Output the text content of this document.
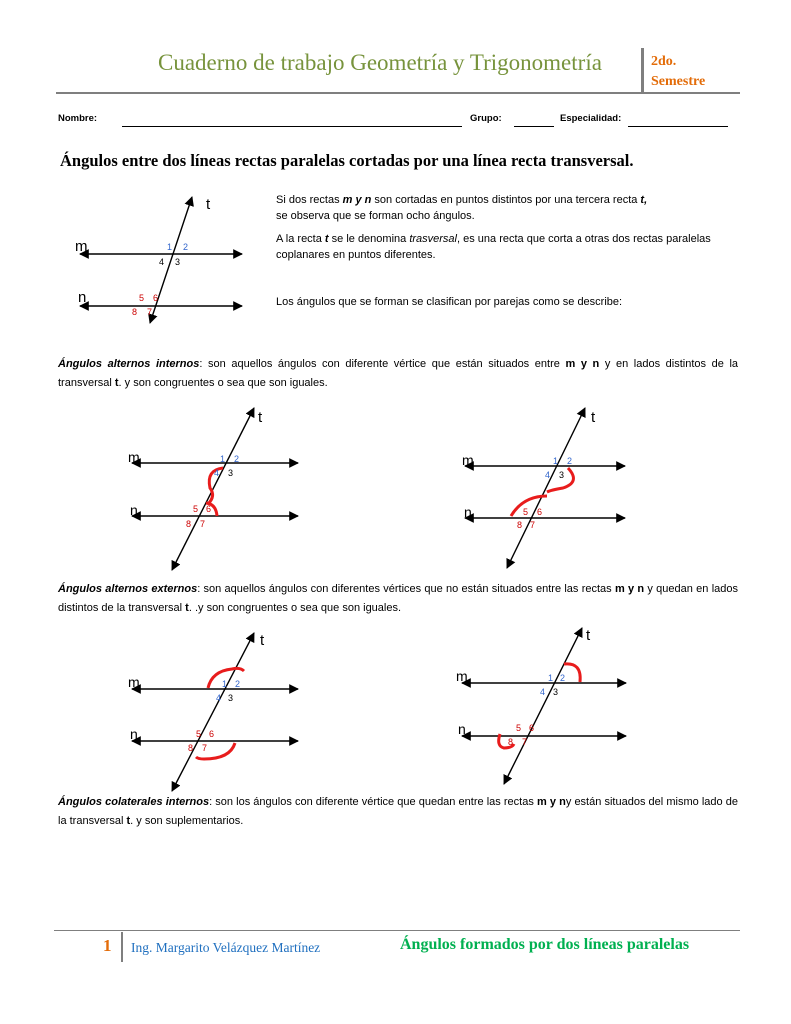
Cuaderno de trabajo Geometría y Trigonometría	2do.
Semestre
Nombre:	Grupo:	Especialidad:
Ángulos entre dos líneas rectas paralelas cortadas por una línea recta transversal.
t
m
n
1 2
3
4
5 6
7
8
Si dos rectas m y n son cortadas en puntos distintos por una tercera recta t,
se observa que se forman ocho ángulos.
A la recta t se le denomina trasversal, es una recta que corta a otras dos rectas paralelas coplanares en puntos diferentes.
Los ángulos que se forman se clasifican por parejas como se describe:
Ángulos alternos internos: son aquellos ángulos con diferente vértice que están situados entre m y n y en lados distintos de la transversal t. y son congruentes o sea que son iguales.
t
m
n
1 2
3
4
5 6
7
8
t
m
n
1 2
3
4
5 6
7
8
Ángulos alternos externos: son aquellos ángulos con diferentes vértices que no están situados entre las rectas m y n y quedan en lados distintos de la transversal t. .y son congruentes o sea que son iguales.
t
m
n
1 2
3
4
5 6
7
8
t
m
n
1 2
3
4
5 6
7
8
Ángulos colaterales internos: son los ángulos con diferente vértice que quedan entre las rectas m y ny están situados del mismo lado de la transversal t. y son suplementarios.
1 Ing. Margarito Velázquez Martínez	Ángulos formados por dos líneas paralelas
